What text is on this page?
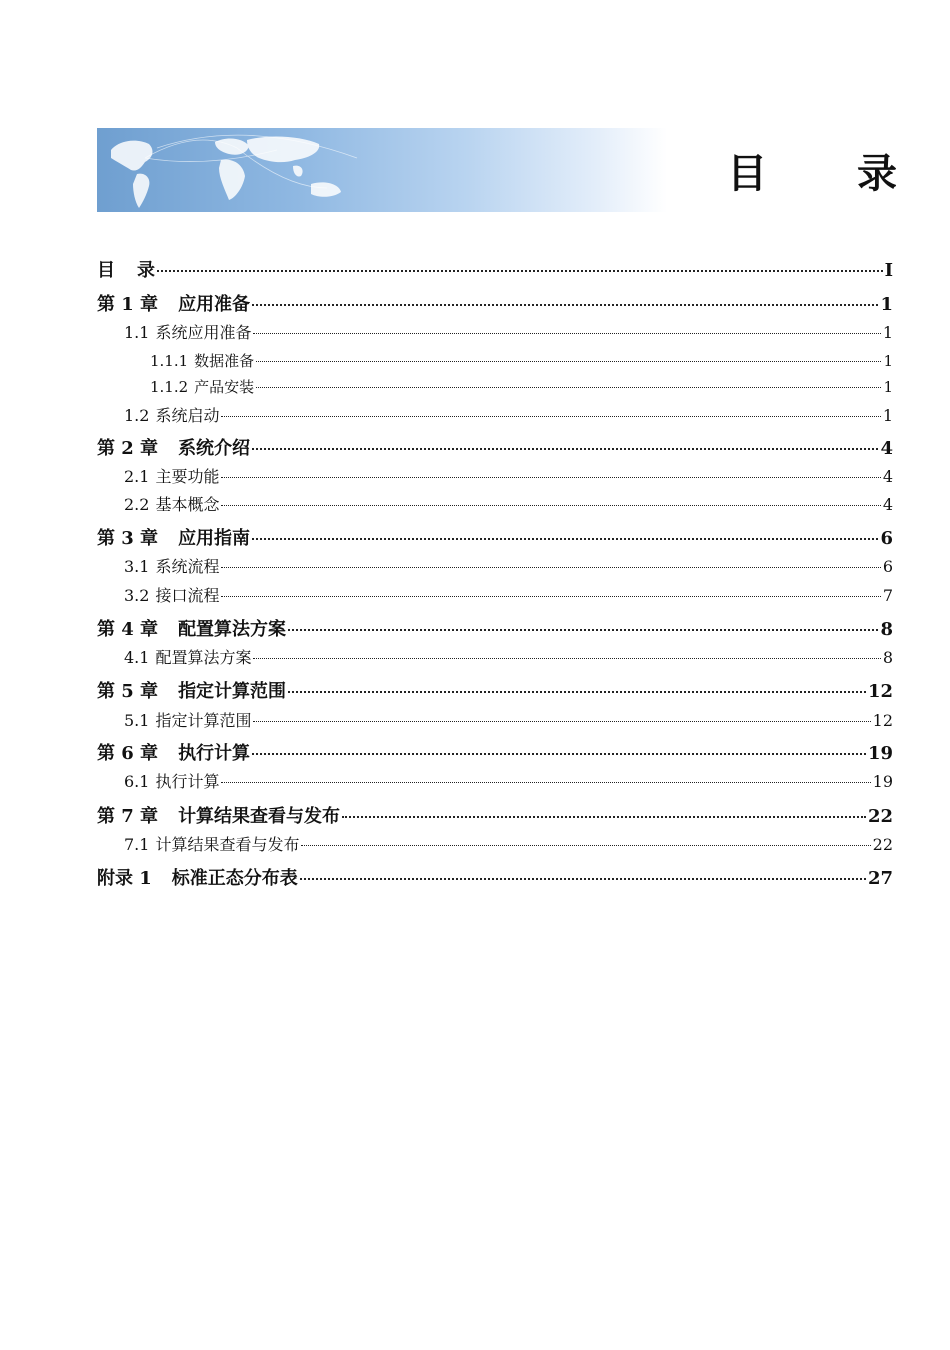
目 录
目 录	I
第 1 章 应用准备	1
1.1 系统应用准备	1
1.1.1 数据准备	1
1.1.2 产品安装	1
1.2 系统启动	1
第 2 章 系统介绍	4
2.1 主要功能	4
2.2 基本概念	4
第 3 章 应用指南	6
3.1 系统流程	6
3.2 接口流程	7
第 4 章 配置算法方案	8
4.1 配置算法方案	8
第 5 章 指定计算范围	12
5.1 指定计算范围	12
第 6 章 执行计算	19
6.1 执行计算	19
第 7 章 计算结果查看与发布	22
7.1 计算结果查看与发布	22
附录 1 标准正态分布表	27
